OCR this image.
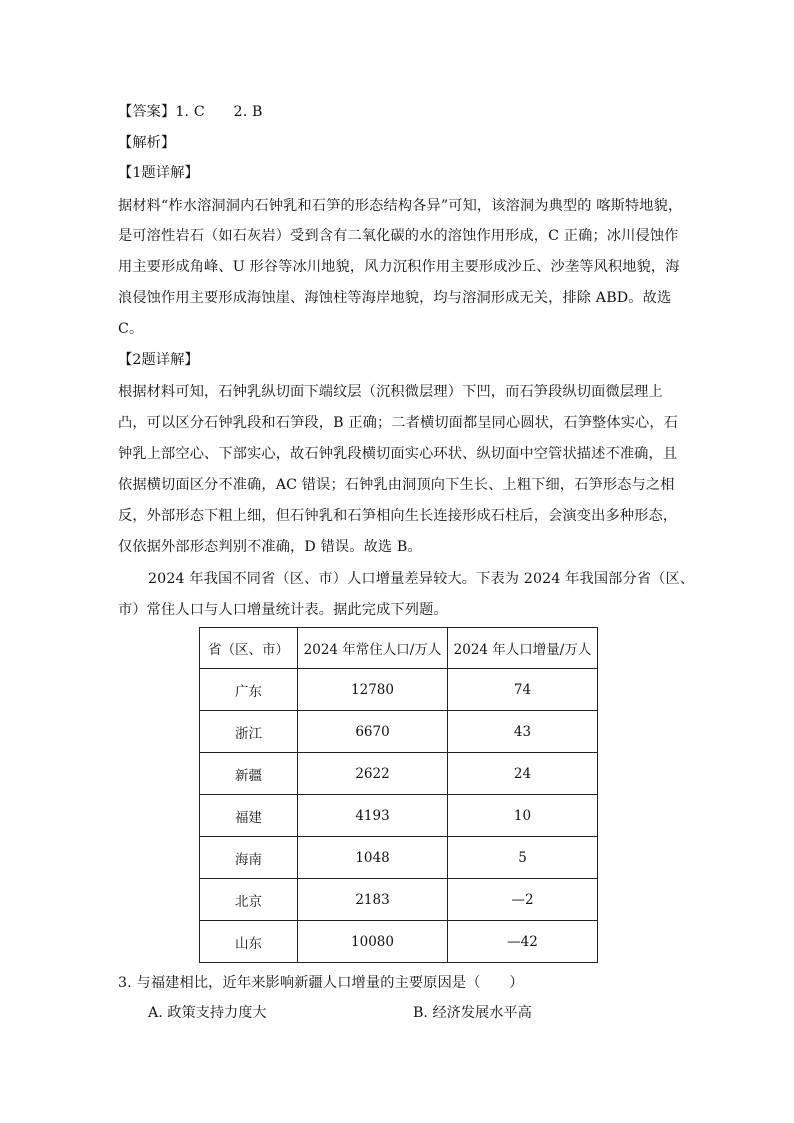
【答案】1. C　　2. B
【解析】
【1题详解】
据材料“柞水溶洞洞内石钟乳和石笋的形态结构各异”可知，该溶洞为典型的 喀斯特地貌，
是可溶性岩石（如石灰岩）受到含有二氧化碳的水的溶蚀作用形成，C 正确；冰川侵蚀作
用主要形成角峰、U 形谷等冰川地貌，风力沉积作用主要形成沙丘、沙垄等风积地貌，海
浪侵蚀作用主要形成海蚀崖、海蚀柱等海岸地貌，均与溶洞形成无关，排除 ABD。故选
C。
【2题详解】
根据材料可知，石钟乳纵切面下端纹层（沉积微层理）下凹，而石笋段纵切面微层理上
凸，可以区分石钟乳段和石笋段，B 正确；二者横切面都呈同心圆状，石笋整体实心，石
钟乳上部空心、下部实心，故石钟乳段横切面实心环状、纵切面中空管状描述不准确，且
依据横切面区分不准确，AC 错误；石钟乳由洞顶向下生长、上粗下细，石笋形态与之相
反，外部形态下粗上细，但石钟乳和石笋相向生长连接形成石柱后，会演变出多种形态，
仅依据外部形态判别不准确，D 错误。故选 B。
2024 年我国不同省（区、市）人口增量差异较大。下表为 2024 年我国部分省（区、
市）常住人口与人口增量统计表。据此完成下列题。
省（区、市）	2024 年常住人口/万人	2024 年人口增量/万人
广东	12780	74
浙江	6670	43
新疆	2622	24
福建	4193	10
海南	1048	5
北京	2183	—2
山东	10080	—42
3. 与福建相比，近年来影响新疆人口增量的主要原因是（　　）
A. 政策支持力度大	B. 经济发展水平高
